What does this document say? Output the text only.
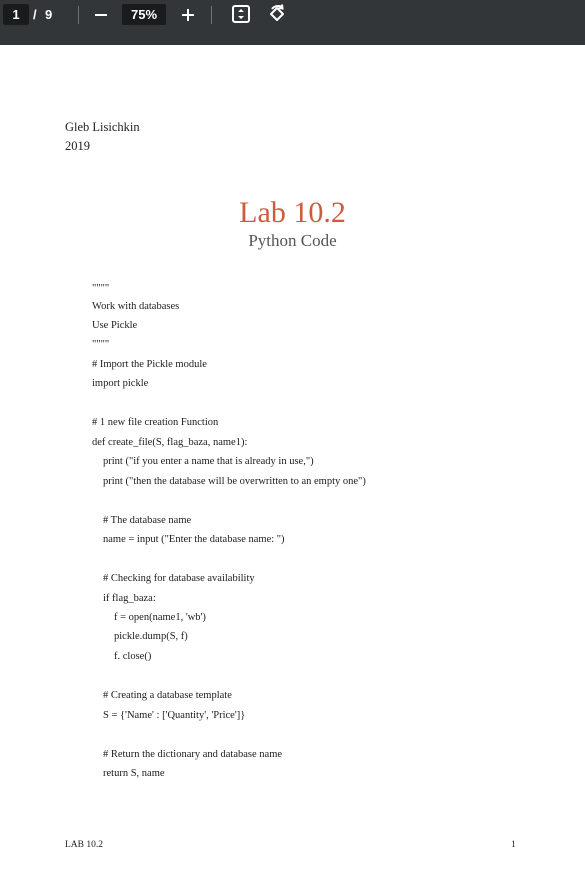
1	/ 9	75%

Gleb Lisichkin

2019

Lab 10.2
Python Code
""""
Work with databases
Use Pickle
""""
# Import the Pickle module
import pickle
# 1 new file creation Function
def create_file(S, flag_baza, name1):
print ("if you enter a name that is already in use,")
print ("then the database will be overwritten to an empty one")
# The database name
name = input ("Enter the database name: ")
# Checking for database availability
if flag_baza:
f = open(name1, 'wb')
pickle.dump(S, f)
f. close()
# Creating a database template
S = {'Name' : ['Quantity', 'Price']}
# Return the dictionary and database name
return S, name
LAB 10.2	1
